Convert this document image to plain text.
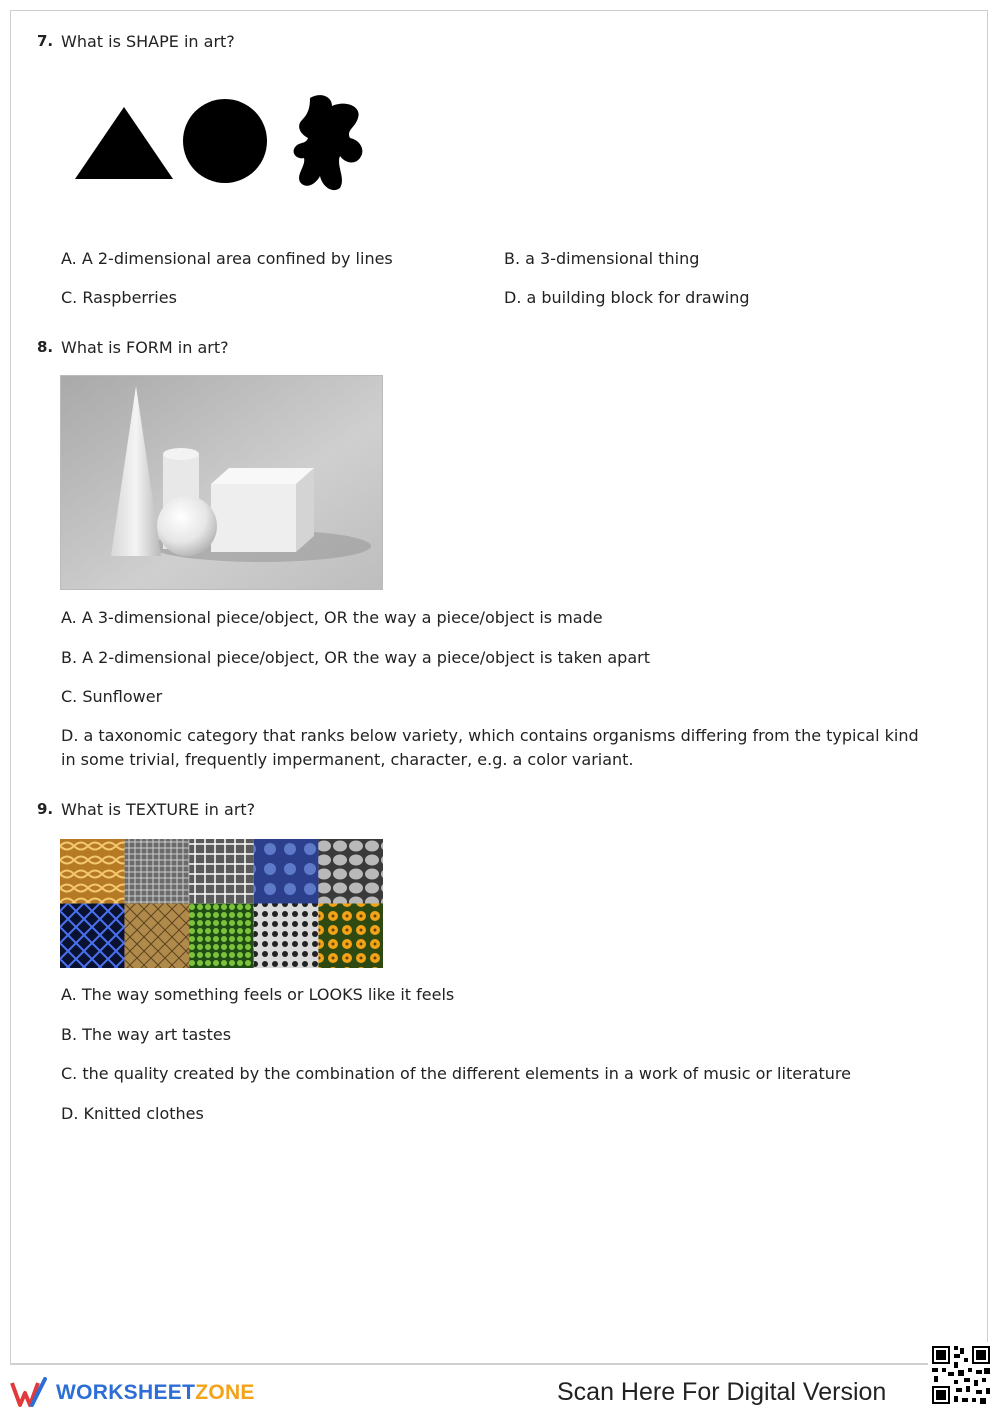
7. What is SHAPE in art?
A. A 2-dimensional area confined by lines	B. a 3-dimensional thing
C. Raspberries	D. a building block for drawing
8. What is FORM in art?
A. A 3-dimensional piece/object, OR the way a piece/object is made
B. A 2-dimensional piece/object, OR the way a piece/object is taken apart
C. Sunflower
D. a taxonomic category that ranks below variety, which contains organisms differing from the typical kind in some trivial, frequently impermanent, character, e.g. a color variant.
9. What is TEXTURE in art?
A. The way something feels or LOOKS like it feels
B. The way art tastes
C. the quality created by the combination of the different elements in a work of music or literature
D. Knitted clothes
WORKSHEETZONE	Scan Here For Digital Version
